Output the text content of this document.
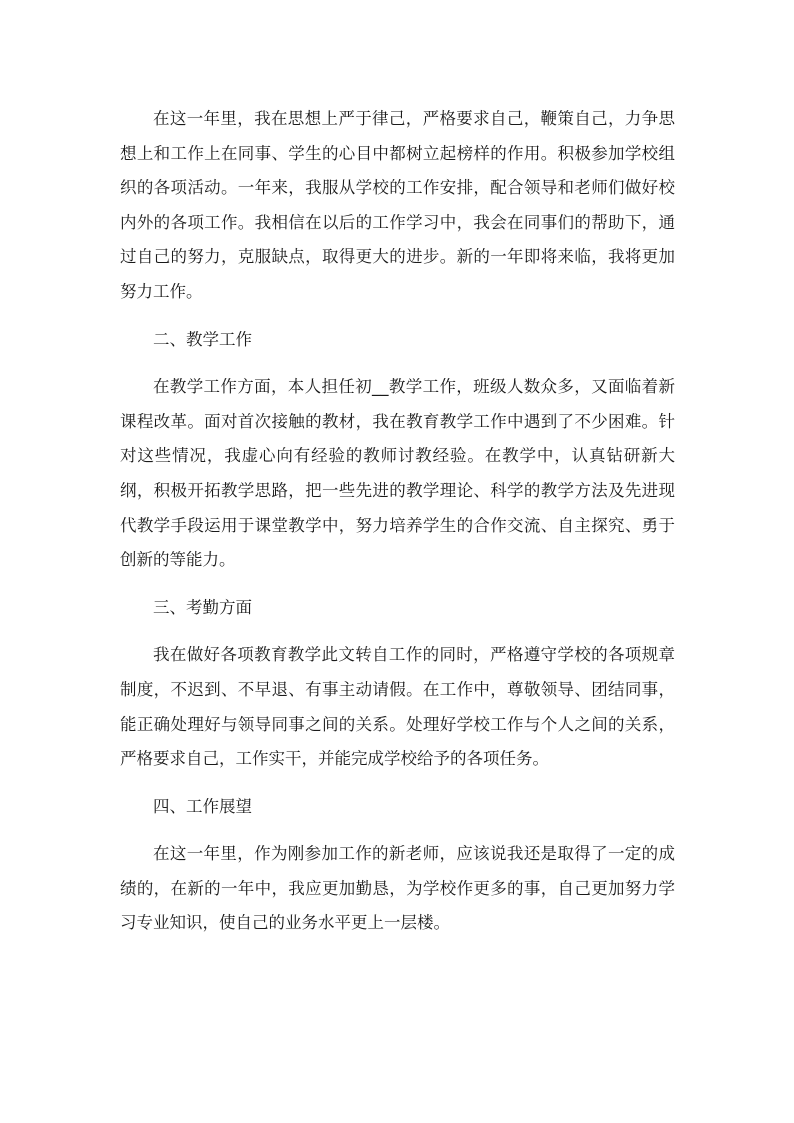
在这一年里，我在思想上严于律己，严格要求自己，鞭策自己，力争思想上和工作上在同事、学生的心目中都树立起榜样的作用。积极参加学校组织的各项活动。一年来，我服从学校的工作安排，配合领导和老师们做好校内外的各项工作。我相信在以后的工作学习中，我会在同事们的帮助下，通过自己的努力，克服缺点，取得更大的进步。新的一年即将来临，我将更加努力工作。

二、教学工作

在教学工作方面，本人担任初__教学工作，班级人数众多，又面临着新课程改革。面对首次接触的教材，我在教育教学工作中遇到了不少困难。针对这些情况，我虚心向有经验的教师讨教经验。在教学中，认真钻研新大纲，积极开拓教学思路，把一些先进的教学理论、科学的教学方法及先进现代教学手段运用于课堂教学中，努力培养学生的合作交流、自主探究、勇于创新的等能力。

三、考勤方面

我在做好各项教育教学此文转自工作的同时，严格遵守学校的各项规章制度，不迟到、不早退、有事主动请假。在工作中，尊敬领导、团结同事，能正确处理好与领导同事之间的关系。处理好学校工作与个人之间的关系，严格要求自己，工作实干，并能完成学校给予的各项任务。

四、工作展望

在这一年里，作为刚参加工作的新老师，应该说我还是取得了一定的成绩的，在新的一年中，我应更加勤恳，为学校作更多的事，自己更加努力学习专业知识，使自己的业务水平更上一层楼。
